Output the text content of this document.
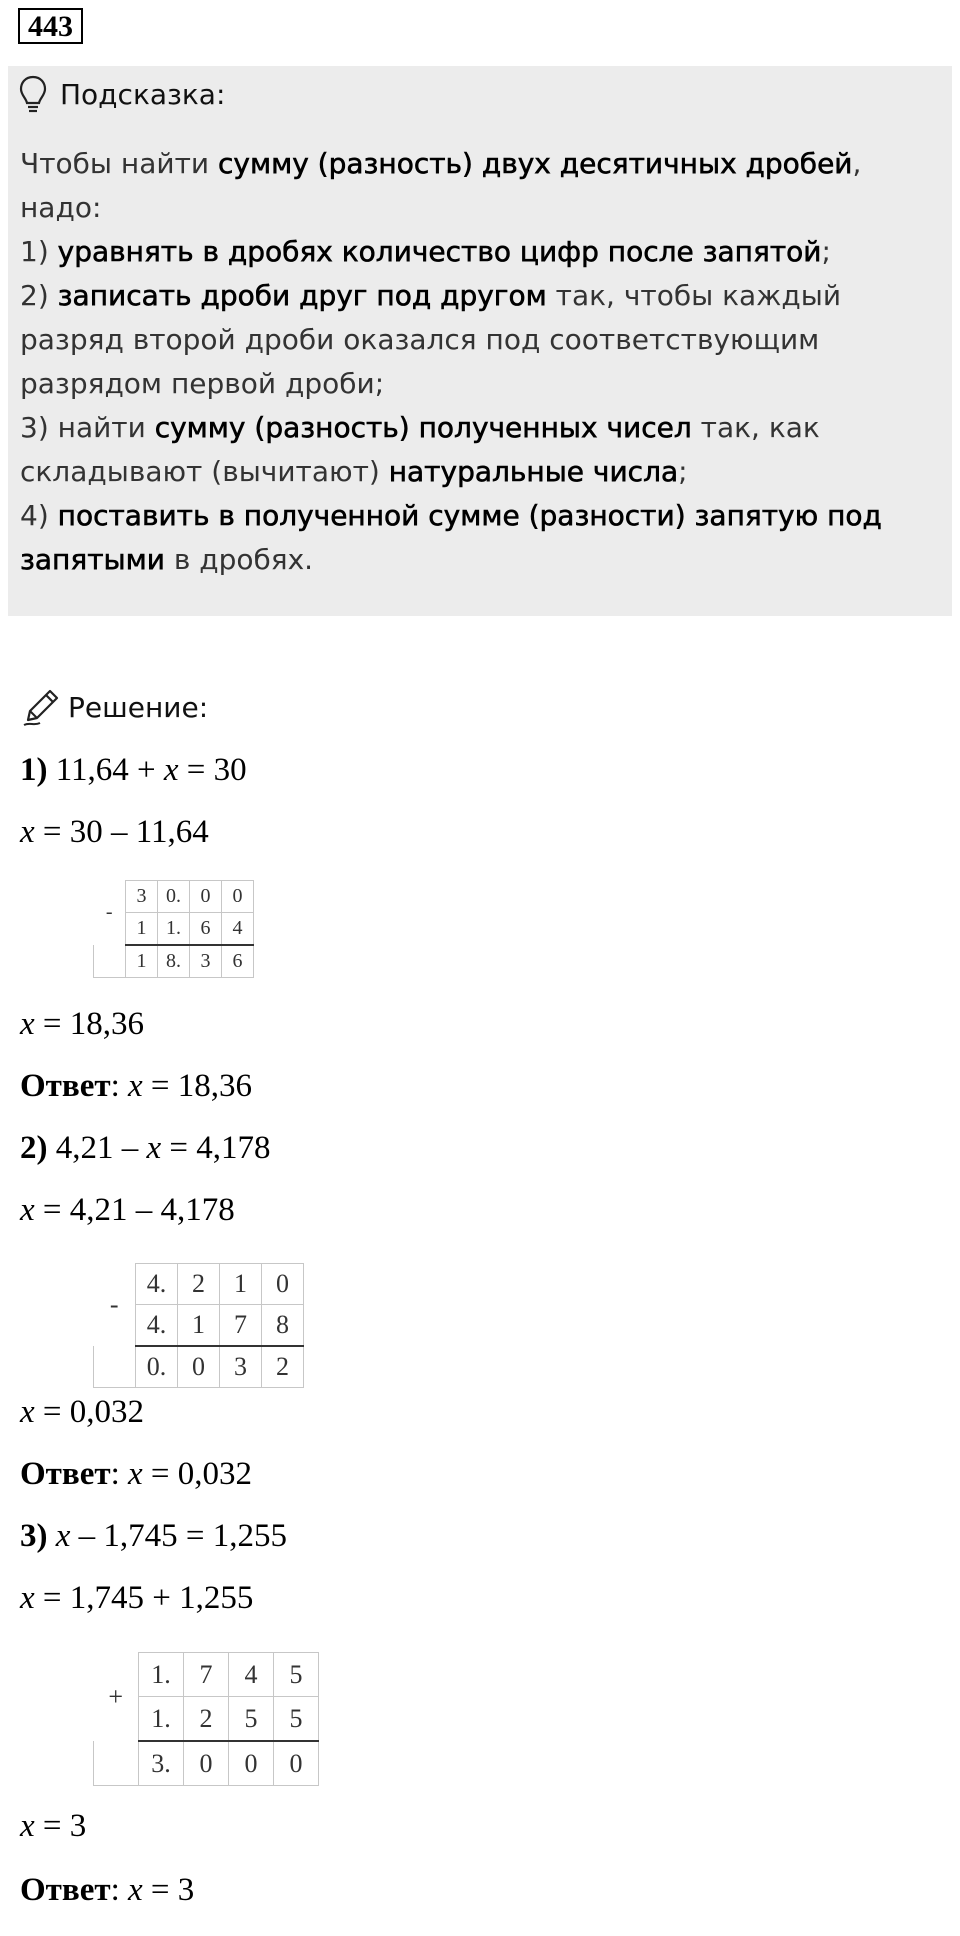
443
Подсказка:
Чтобы найти сумму (разность) двух десятичных дробей,
надо:
1) уравнять в дробях количество цифр после запятой;
2) записать дроби друг под другом так, чтобы каждый разряд второй дроби оказался под соответствующим разрядом первой дроби;
3) найти сумму (разность) полученных чисел так, как складывают (вычитают) натуральные числа;
4) поставить в полученной сумме (разности) запятую под запятыми в дробях.
Решение:
1) 11,64 + x = 30
x = 30 – 11,64
-	3	0.	0	0
	1	1.	6	4
	1	8.	3	6
x = 18,36
Ответ: x = 18,36
2) 4,21 – x = 4,178
x = 4,21 – 4,178
-	4.	2	1	0
	4.	1	7	8
	0.	0	3	2
x = 0,032
Ответ: x = 0,032
3) x – 1,745 = 1,255
x = 1,745 + 1,255
+	1.	7	4	5
	1.	2	5	5
	3.	0	0	0
x = 3
Ответ: x = 3
